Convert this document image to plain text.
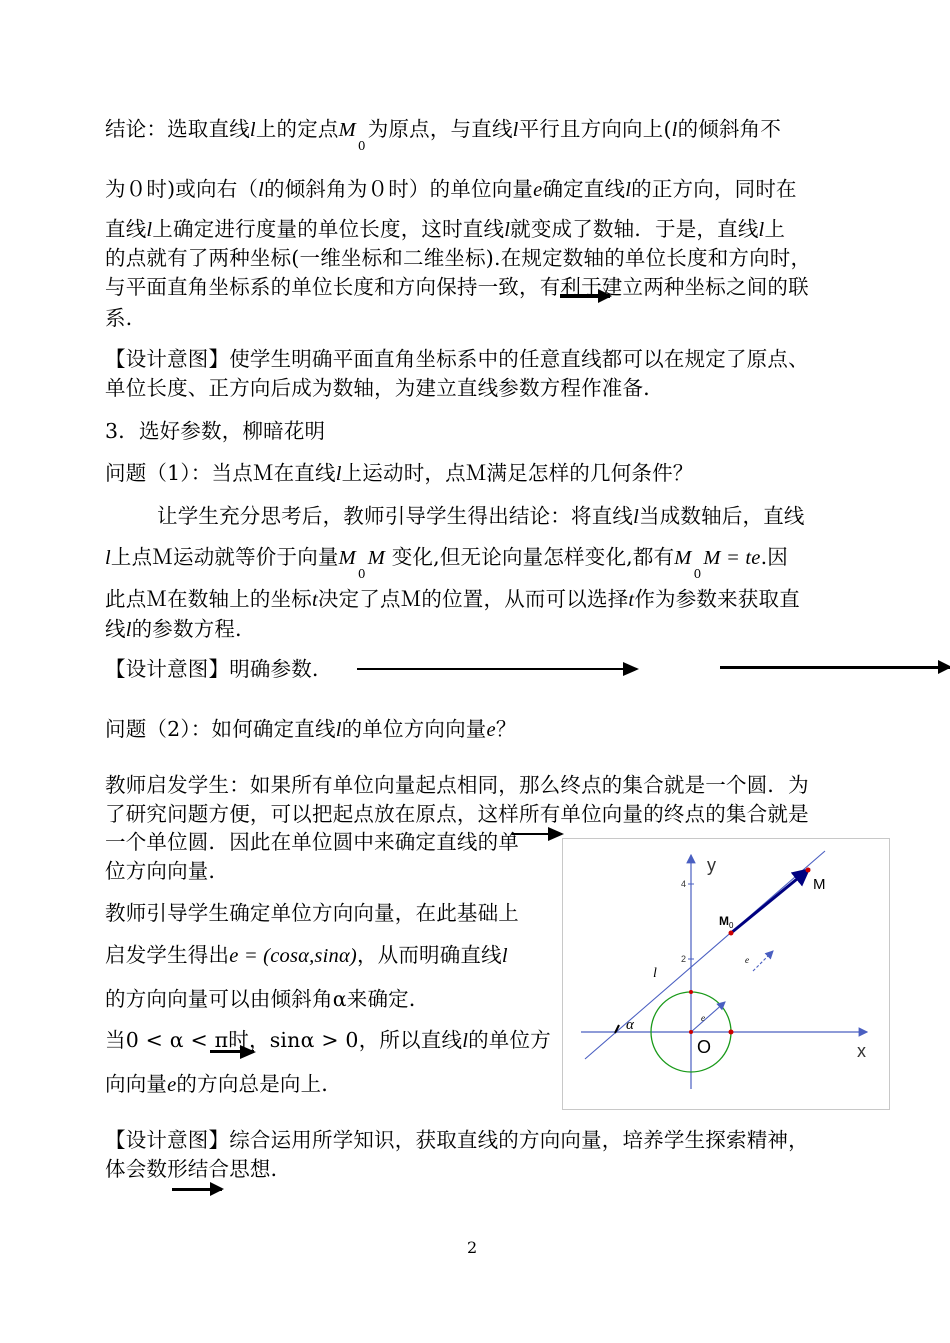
结论：选取直线l上的定点$M_0$为原点，与直线l平行且方向向上(l的倾斜角不
为０时)或向右（l的倾斜角为０时）的单位向量e确定直线l的正方向，同时在
直线l上确定进行度量的单位长度，这时直线l就变成了数轴．于是，直线l上
的点就有了两种坐标(一维坐标和二维坐标).在规定数轴的单位长度和方向时，
与平面直角坐标系的单位长度和方向保持一致，有利于建立两种坐标之间的联
系．
【设计意图】使学生明确平面直角坐标系中的任意直线都可以在规定了原点、
单位长度、正方向后成为数轴，为建立直线参数方程作准备．
3．选好参数，柳暗花明
问题（1）：当点Ｍ在直线l上运动时，点Ｍ满足怎样的几何条件？
让学生充分思考后，教师引导学生得出结论：将直线l当成数轴后，直线
l上点Ｍ运动就等价于向量$M_0M$ 变化,但无论向量怎样变化,都有$M_0M$ = te.因
此点Ｍ在数轴上的坐标t决定了点Ｍ的位置，从而可以选择t作为参数来获取直
线l的参数方程．
【设计意图】明确参数．
问题（2）：如何确定直线l的单位方向向量e？
教师启发学生：如果所有单位向量起点相同，那么终点的集合就是一个圆．为
了研究问题方便，可以把起点放在原点，这样所有单位向量的终点的集合就是
一个单位圆．因此在单位圆中来确定直线的单
位方向向量．
教师引导学生确定单位方向向量，在此基础上
启发学生得出e = (cosα,sinα)，从而明确直线l
的方向向量可以由倾斜角α来确定．
当0 < α < π时，sinα > 0，所以直线l的单位方
向向量e的方向总是向上．
y
x
O
4
2
M
M 0
l
α
e
e
【设计意图】综合运用所学知识，获取直线的方向向量，培养学生探索精神，
体会数形结合思想．
2
